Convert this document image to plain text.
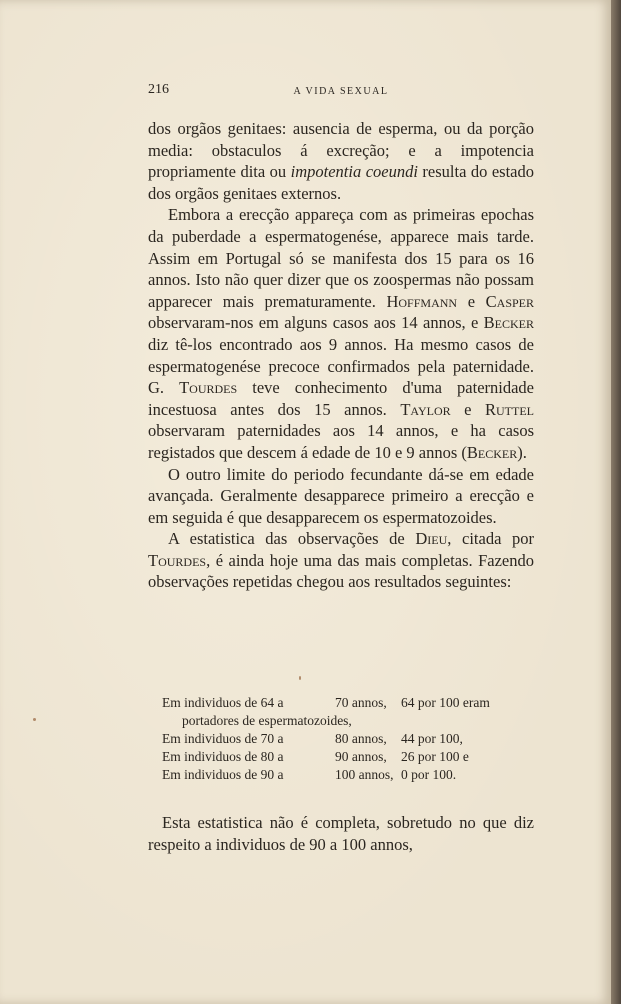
216	A VIDA SEXUAL

dos orgãos genitaes: ausencia de esperma, ou da porção media: obstaculos á excreção; e a impotencia propriamente dita ou impotentia coeundi resulta do estado dos orgãos genitaes externos.

Embora a erecção appareça com as primeiras epochas da puberdade a espermatogenése, apparece mais tarde. Assim em Portugal só se manifesta dos 15 para os 16 annos. Isto não quer dizer que os zoospermas não possam apparecer mais prematuramente. Hoffmann e Casper observaram-nos em alguns casos aos 14 annos, e Becker diz tê-los encontrado aos 9 annos. Ha mesmo casos de espermatogenése precoce confirmados pela paternidade. G. Tourdes teve conhecimento d'uma paternidade incestuosa antes dos 15 annos. Taylor e Ruttel observaram paternidades aos 14 annos, e ha casos registados que descem á edade de 10 e 9 annos (Becker).

O outro limite do periodo fecundante dá-se em edade avançada. Geralmente desapparece primeiro a erecção e em seguida é que desapparecem os espermatozoides.

A estatistica das observações de Dieu, citada por Tourdes, é ainda hoje uma das mais completas. Fazendo observações repetidas chegou aos resultados seguintes:

Em individuos de 64 a	70 annos, 64 por 100 eram
portadores de espermatozoides,
Em individuos de 70 a	80 annos, 44 por 100,
Em individuos de 80 a	90 annos, 26 por 100 e
Em individuos de 90 a	100 annos, 0 por 100.

Esta estatistica não é completa, sobretudo no que diz respeito a individuos de 90 a 100 annos,
